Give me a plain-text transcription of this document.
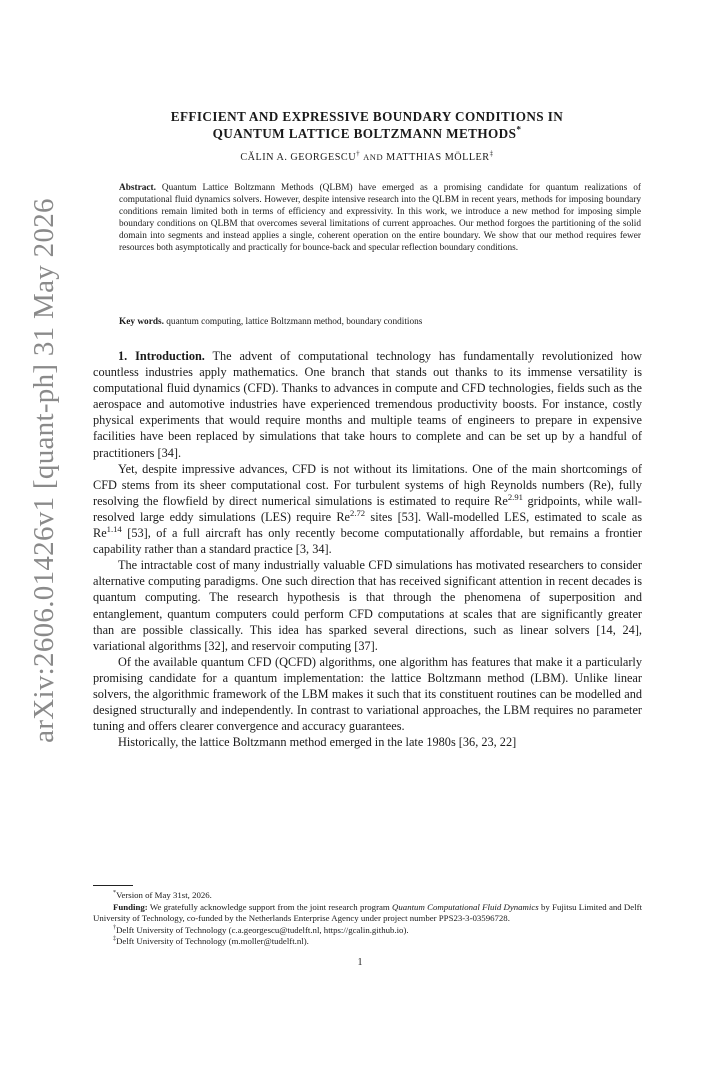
arXiv:2606.01426v1 [quant-ph] 31 May 2026
EFFICIENT AND EXPRESSIVE BOUNDARY CONDITIONS IN
QUANTUM LATTICE BOLTZMANN METHODS*
CĂLIN A. GEORGESCU† AND MATTHIAS MÖLLER‡
Abstract. Quantum Lattice Boltzmann Methods (QLBM) have emerged as a promising candidate for quantum realizations of computational fluid dynamics solvers. However, despite intensive research into the QLBM in recent years, methods for imposing boundary conditions remain limited both in terms of efficiency and expressivity. In this work, we introduce a new method for imposing simple boundary conditions on QLBM that overcomes several limitations of current approaches. Our method forgoes the partitioning of the solid domain into segments and instead applies a single, coherent operation on the entire boundary. We show that our method requires fewer resources both asymptotically and practically for bounce-back and specular reflection boundary conditions.
Key words. quantum computing, lattice Boltzmann method, boundary conditions

1. Introduction. The advent of computational technology has fundamentally revolutionized how countless industries apply mathematics. One branch that stands out thanks to its immense versatility is computational fluid dynamics (CFD). Thanks to advances in compute and CFD technologies, fields such as the aerospace and automotive industries have experienced tremendous productivity boosts. For instance, costly physical experiments that would require months and multiple teams of engineers to prepare in expensive facilities have been replaced by simulations that take hours to complete and can be set up by a handful of practitioners [34].

Yet, despite impressive advances, CFD is not without its limitations. One of the main shortcomings of CFD stems from its sheer computational cost. For turbulent systems of high Reynolds numbers (Re), fully resolving the flowfield by direct numerical simulations is estimated to require $Re^{2.91}$ gridpoints, while wall-resolved large eddy simulations (LES) require $Re^{2.72}$ sites [53]. Wall-modelled LES, estimated to scale as $Re^{1.14}$ [53], of a full aircraft has only recently become computationally affordable, but remains a frontier capability rather than a standard practice [3, 34].

The intractable cost of many industrially valuable CFD simulations has motivated researchers to consider alternative computing paradigms. One such direction that has received significant attention in recent decades is quantum computing. The research hypothesis is that through the phenomena of superposition and entanglement, quantum computers could perform CFD computations at scales that are significantly greater than are possible classically. This idea has sparked several directions, such as linear solvers [14, 24], variational algorithms [32], and reservoir computing [37].

Of the available quantum CFD (QCFD) algorithms, one algorithm has features that make it a particularly promising candidate for a quantum implementation: the lattice Boltzmann method (LBM). Unlike linear solvers, the algorithmic framework of the LBM makes it such that its constituent routines can be modelled and designed structurally and independently. In contrast to variational approaches, the LBM requires no parameter tuning and offers clearer convergence and accuracy guarantees.

Historically, the lattice Boltzmann method emerged in the late 1980s [36, 23, 22]

*Version of May 31st, 2026.
Funding: We gratefully acknowledge support from the joint research program Quantum Computational Fluid Dynamics by Fujitsu Limited and Delft University of Technology, co-funded by the Netherlands Enterprise Agency under project number PPS23-3-03596728.
†Delft University of Technology (c.a.georgescu@tudelft.nl, https://gcalin.github.io).
‡Delft University of Technology (m.moller@tudelft.nl).
1
